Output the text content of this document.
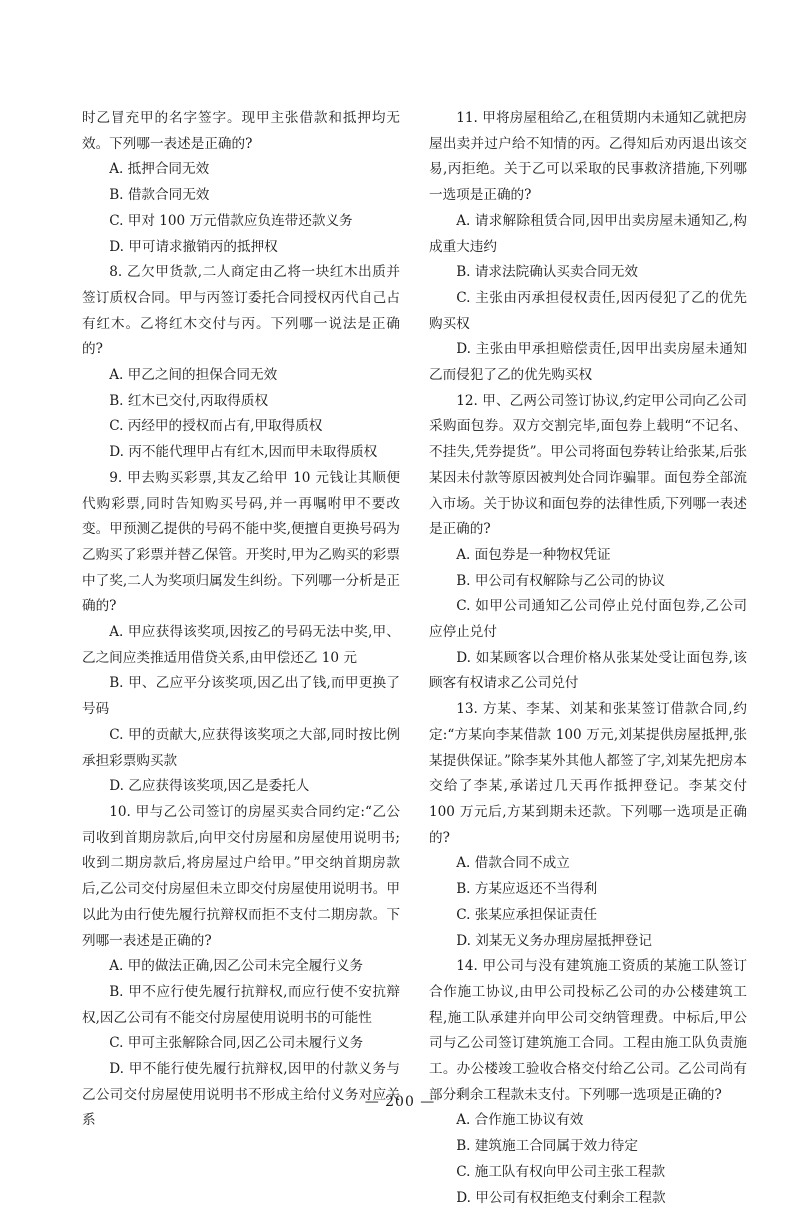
时乙冒充甲的名字签字。现甲主张借款和抵押均无效。下列哪一表述是正确的?

A. 抵押合同无效

B. 借款合同无效

C. 甲对 100 万元借款应负连带还款义务

D. 甲可请求撤销丙的抵押权

8. 乙欠甲货款,二人商定由乙将一块红木出质并签订质权合同。甲与丙签订委托合同授权丙代自己占有红木。乙将红木交付与丙。下列哪一说法是正确的?

A. 甲乙之间的担保合同无效

B. 红木已交付,丙取得质权

C. 丙经甲的授权而占有,甲取得质权

D. 丙不能代理甲占有红木,因而甲未取得质权

9. 甲去购买彩票,其友乙给甲 10 元钱让其顺便代购彩票,同时告知购买号码,并一再嘱咐甲不要改变。甲预测乙提供的号码不能中奖,便擅自更换号码为乙购买了彩票并替乙保管。开奖时,甲为乙购买的彩票中了奖,二人为奖项归属发生纠纷。下列哪一分析是正确的?

A. 甲应获得该奖项,因按乙的号码无法中奖,甲、乙之间应类推适用借贷关系,由甲偿还乙 10 元

B. 甲、乙应平分该奖项,因乙出了钱,而甲更换了号码

C. 甲的贡献大,应获得该奖项之大部,同时按比例承担彩票购买款

D. 乙应获得该奖项,因乙是委托人

10. 甲与乙公司签订的房屋买卖合同约定:“乙公司收到首期房款后,向甲交付房屋和房屋使用说明书;收到二期房款后,将房屋过户给甲。”甲交纳首期房款后,乙公司交付房屋但未立即交付房屋使用说明书。甲以此为由行使先履行抗辩权而拒不支付二期房款。下列哪一表述是正确的?

A. 甲的做法正确,因乙公司未完全履行义务

B. 甲不应行使先履行抗辩权,而应行使不安抗辩权,因乙公司有不能交付房屋使用说明书的可能性

C. 甲可主张解除合同,因乙公司未履行义务

D. 甲不能行使先履行抗辩权,因甲的付款义务与乙公司交付房屋使用说明书不形成主给付义务对应关系

11. 甲将房屋租给乙,在租赁期内未通知乙就把房屋出卖并过户给不知情的丙。乙得知后劝丙退出该交易,丙拒绝。关于乙可以采取的民事救济措施,下列哪一选项是正确的?

A. 请求解除租赁合同,因甲出卖房屋未通知乙,构成重大违约

B. 请求法院确认买卖合同无效

C. 主张由丙承担侵权责任,因丙侵犯了乙的优先购买权

D. 主张由甲承担赔偿责任,因甲出卖房屋未通知乙而侵犯了乙的优先购买权

12. 甲、乙两公司签订协议,约定甲公司向乙公司采购面包券。双方交割完毕,面包券上载明“不记名、不挂失,凭券提货”。甲公司将面包券转让给张某,后张某因未付款等原因被判处合同诈骗罪。面包券全部流入市场。关于协议和面包券的法律性质,下列哪一表述是正确的?

A. 面包券是一种物权凭证

B. 甲公司有权解除与乙公司的协议

C. 如甲公司通知乙公司停止兑付面包券,乙公司应停止兑付

D. 如某顾客以合理价格从张某处受让面包券,该顾客有权请求乙公司兑付

13. 方某、李某、刘某和张某签订借款合同,约定:“方某向李某借款 100 万元,刘某提供房屋抵押,张某提供保证。”除李某外其他人都签了字,刘某先把房本交给了李某,承诺过几天再作抵押登记。李某交付 100 万元后,方某到期未还款。下列哪一选项是正确的?

A. 借款合同不成立

B. 方某应返还不当得利

C. 张某应承担保证责任

D. 刘某无义务办理房屋抵押登记

14. 甲公司与没有建筑施工资质的某施工队签订合作施工协议,由甲公司投标乙公司的办公楼建筑工程,施工队承建并向甲公司交纳管理费。中标后,甲公司与乙公司签订建筑施工合同。工程由施工队负责施工。办公楼竣工验收合格交付给乙公司。乙公司尚有部分剩余工程款未支付。下列哪一选项是正确的?

A. 合作施工协议有效

B. 建筑施工合同属于效力待定

C. 施工队有权向甲公司主张工程款

D. 甲公司有权拒绝支付剩余工程款

— 200 —
